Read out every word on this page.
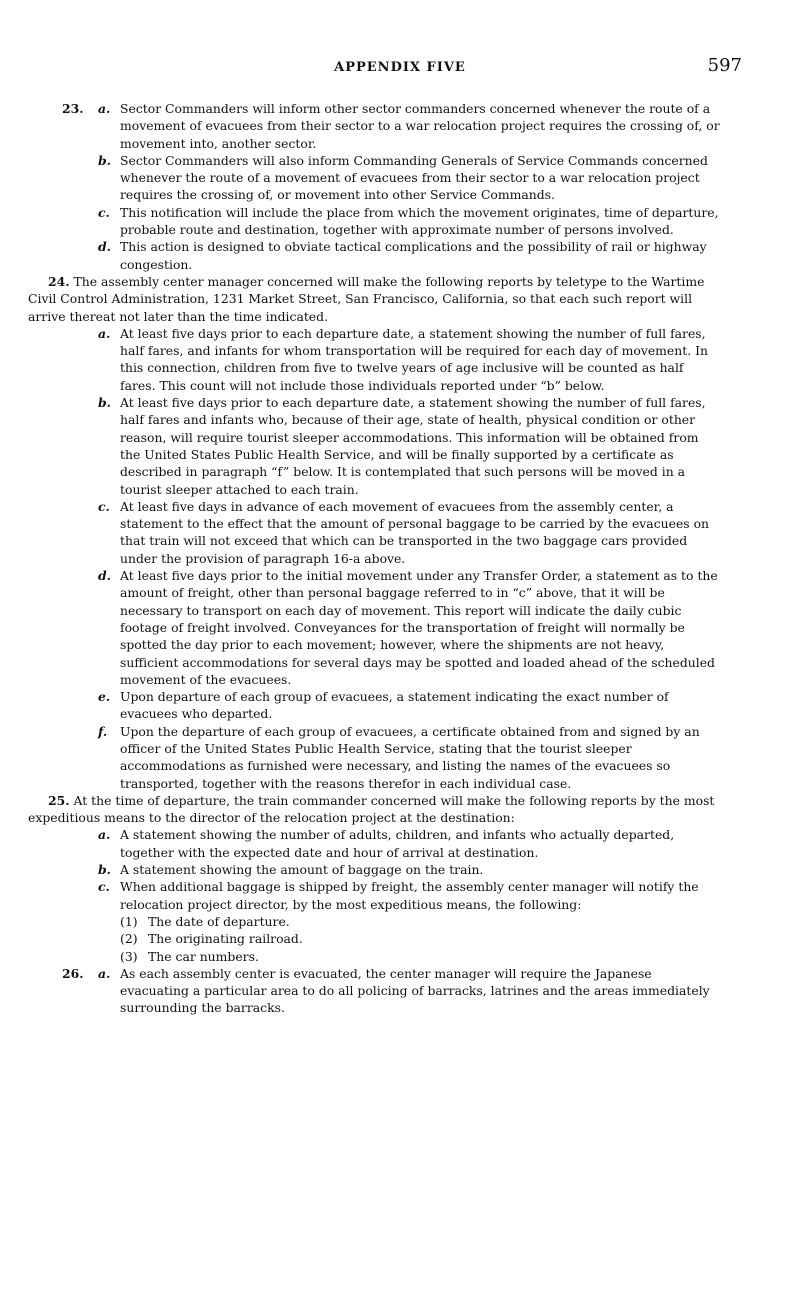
APPENDIX FIVE	597

23. a. Sector Commanders will inform other sector commanders concerned whenever the route of a movement of evacuees from their sector to a war relocation project requires the crossing of, or movement into, another sector.

b. Sector Commanders will also inform Commanding Generals of Service Commands concerned whenever the route of a movement of evacuees from their sector to a war relocation project requires the crossing of, or movement into other Service Commands.

c. This notification will include the place from which the movement originates, time of departure, probable route and destination, together with approximate number of persons involved.

d. This action is designed to obviate tactical complications and the possibility of rail or highway congestion.

24. The assembly center manager concerned will make the following reports by teletype to the Wartime Civil Control Administration, 1231 Market Street, San Francisco, California, so that each such report will arrive thereat not later than the time indicated.

a. At least five days prior to each departure date, a statement showing the number of full fares, half fares, and infants for whom transportation will be required for each day of movement. In this connection, children from five to twelve years of age inclusive will be counted as half fares. This count will not include those individuals reported under “b” below.

b. At least five days prior to each departure date, a statement showing the number of full fares, half fares and infants who, because of their age, state of health, physical condition or other reason, will require tourist sleeper accommodations. This information will be obtained from the United States Public Health Service, and will be finally supported by a certificate as described in paragraph “f” below. It is contemplated that such persons will be moved in a tourist sleeper attached to each train.

c. At least five days in advance of each movement of evacuees from the assembly center, a statement to the effect that the amount of personal baggage to be carried by the evacuees on that train will not exceed that which can be transported in the two baggage cars provided under the provision of paragraph 16-a above.

d. At least five days prior to the initial movement under any Transfer Order, a statement as to the amount of freight, other than personal baggage referred to in “c” above, that it will be necessary to transport on each day of movement. This report will indicate the daily cubic footage of freight involved. Conveyances for the transportation of freight will normally be spotted the day prior to each movement; however, where the shipments are not heavy, sufficient accommodations for several days may be spotted and loaded ahead of the scheduled movement of the evacuees.

e. Upon departure of each group of evacuees, a statement indicating the exact number of evacuees who departed.

f. Upon the departure of each group of evacuees, a certificate obtained from and signed by an officer of the United States Public Health Service, stating that the tourist sleeper accommodations as furnished were necessary, and listing the names of the evacuees so transported, together with the reasons therefor in each individual case.

25. At the time of departure, the train commander concerned will make the following reports by the most expeditious means to the director of the relocation project at the destination:

a. A statement showing the number of adults, children, and infants who actually departed, together with the expected date and hour of arrival at destination.

b. A statement showing the amount of baggage on the train.

c. When additional baggage is shipped by freight, the assembly center manager will notify the relocation project director, by the most expeditious means, the following:

(1) The date of departure.

(2) The originating railroad.

(3) The car numbers.

26. a. As each assembly center is evacuated, the center manager will require the Japanese evacuating a particular area to do all policing of barracks, latrines and the areas immediately surrounding the barracks.
